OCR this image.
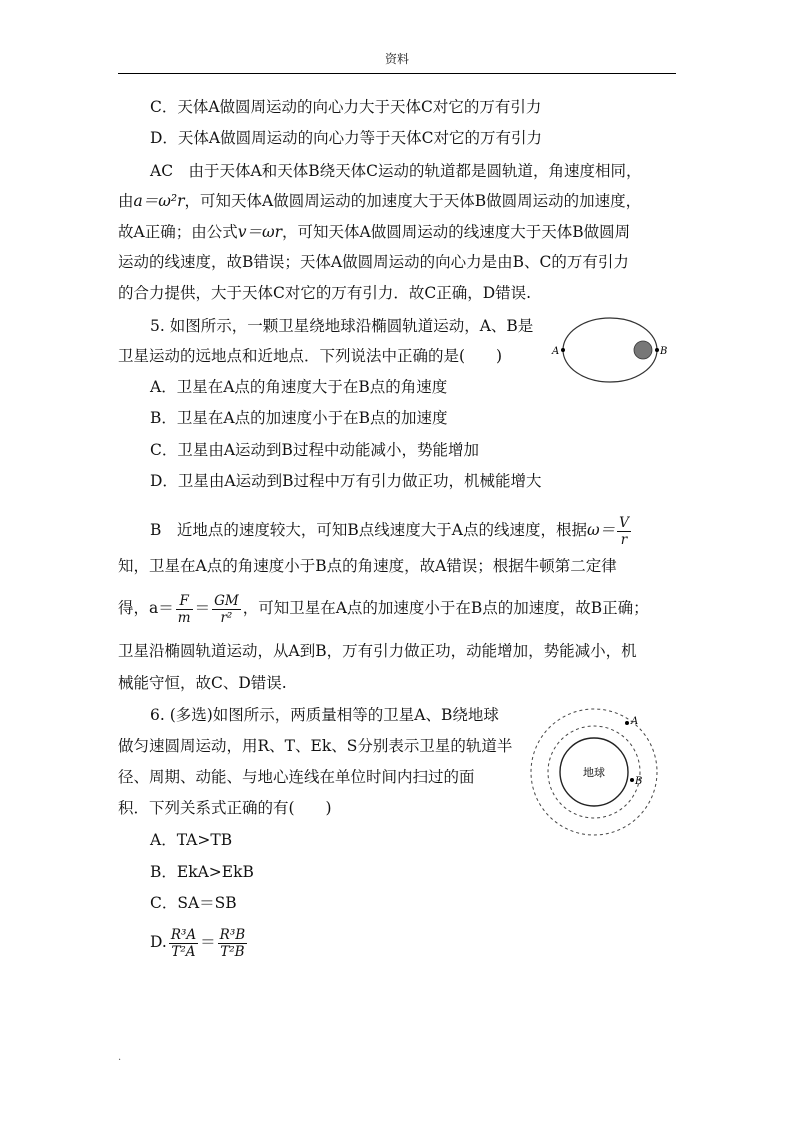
资料
C．天体A做圆周运动的向心力大于天体C对它的万有引力
D．天体A做圆周运动的向心力等于天体C对它的万有引力
AC　由于天体A和天体B绕天体C运动的轨道都是圆轨道，角速度相同，
由a＝ω²r，可知天体A做圆周运动的加速度大于天体B做圆周运动的加速度，
故A正确；由公式v＝ωr，可知天体A做圆周运动的线速度大于天体B做圆周
运动的线速度，故B错误；天体A做圆周运动的向心力是由B、C的万有引力
的合力提供，大于天体C对它的万有引力．故C正确，D错误.
5. 如图所示，一颗卫星绕地球沿椭圆轨道运动，A、B是
卫星运动的远地点和近地点．下列说法中正确的是(　　)
A．卫星在A点的角速度大于在B点的角速度
B．卫星在A点的加速度小于在B点的加速度
C．卫星由A运动到B过程中动能减小，势能增加
D．卫星由A运动到B过程中万有引力做正功，机械能增大
A	B
B　近地点的速度较大，可知B点线速度大于A点的线速度，根据$\omega= \frac{V}{r}$
知，卫星在A点的角速度小于B点的角速度，故A错误；根据牛顿第二定律
得，$a= \frac{F}{m} = \frac{GM}{\text{r²}}$ ，可知卫星在A点的加速度小于在B点的加速度，故B正确；
卫星沿椭圆轨道运动，从A到B，万有引力做正功，动能增加，势能减小，机
械能守恒，故C、D错误.
6. (多选)如图所示，两质量相等的卫星A、B绕地球
做匀速圆周运动，用R、T、Ek、S分别表示卫星的轨道半
径、周期、动能、与地心连线在单位时间内扫过的面
积．下列关系式正确的有(　　)
A．TA>TB
B．EkA>EkB
C．SA＝SB
D. $\frac{\text{R³A}}{\text{T²A}} = \frac{\text{R³B}}{\text{T²B}}$
地球
A
B
.
